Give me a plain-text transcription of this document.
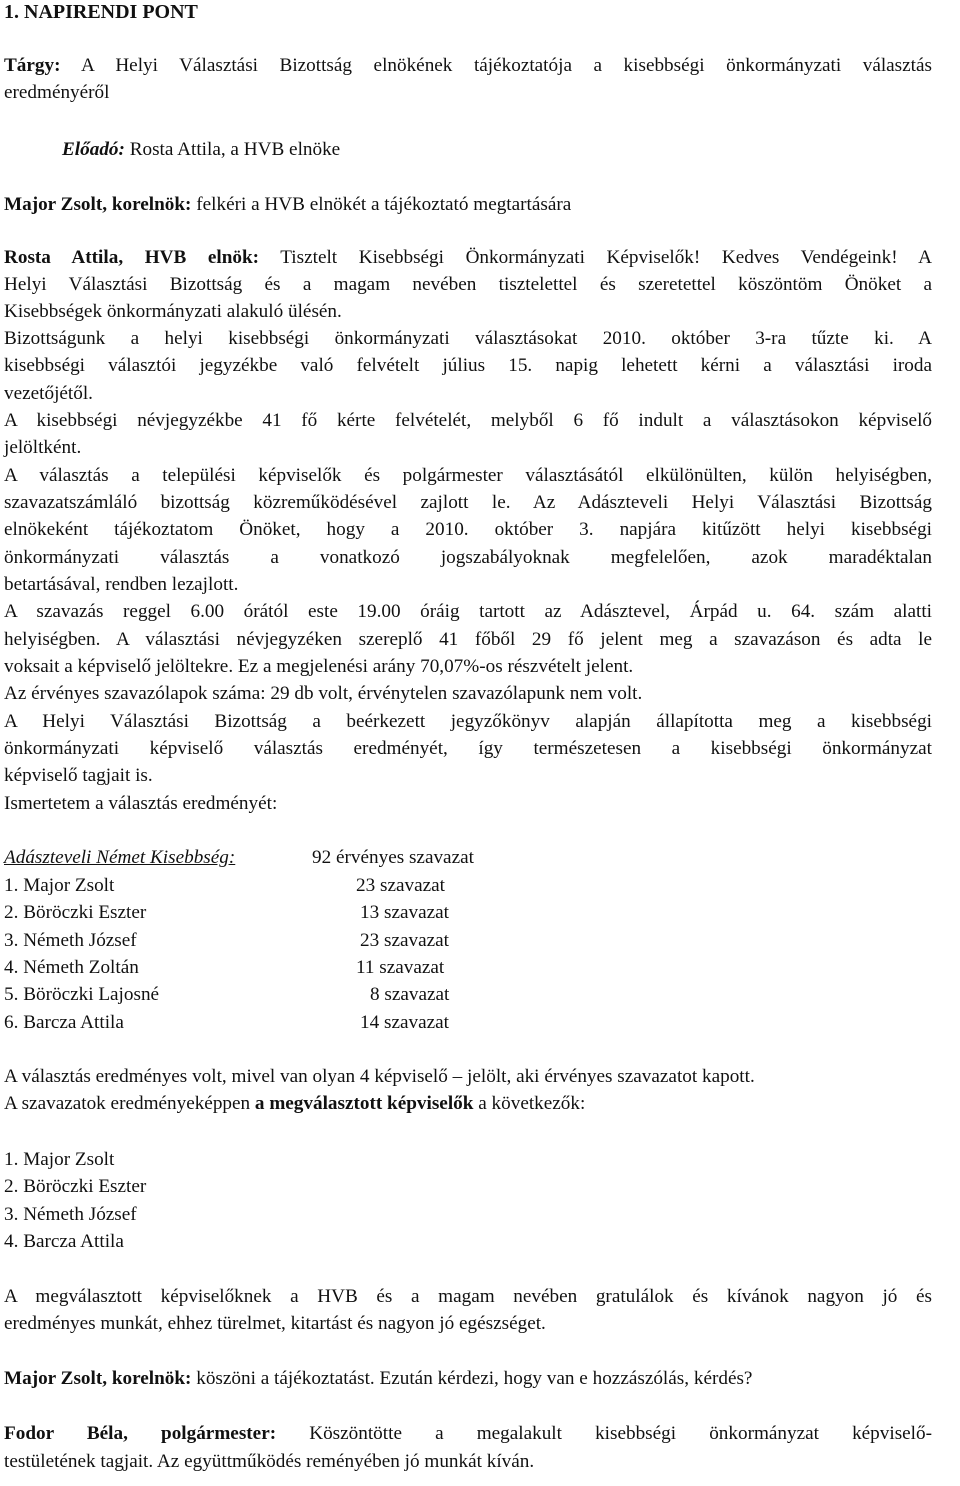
1. NAPIRENDI PONT
Tárgy: A Helyi Választási Bizottság elnökének tájékoztatója a kisebbségi önkormányzati választás
eredményéről
Előadó: Rosta Attila, a HVB elnöke
Major Zsolt, korelnök: felkéri a HVB elnökét a tájékoztató megtartására
Rosta Attila, HVB elnök: Tisztelt Kisebbségi Önkormányzati Képviselők! Kedves Vendégeink! A
Helyi Választási Bizottság és a magam nevében tisztelettel és szeretettel köszöntöm Önöket a
Kisebbségek önkormányzati alakuló ülésén.
Bizottságunk a helyi kisebbségi önkormányzati választásokat 2010. október 3-ra tűzte ki. A
kisebbségi választói jegyzékbe való felvételt július 15. napig lehetett kérni a választási iroda
vezetőjétől.
A kisebbségi névjegyzékbe 41 fő kérte felvételét, melyből 6 fő indult a választásokon képviselő
jelöltként.
A választás a települési képviselők és polgármester választásától elkülönülten, külön helyiségben,
szavazatszámláló bizottság közreműködésével zajlott le. Az Adászteveli Helyi Választási Bizottság
elnökeként tájékoztatom Önöket, hogy a 2010. október 3. napjára kitűzött helyi kisebbségi
önkormányzati választás a vonatkozó jogszabályoknak megfelelően, azok maradéktalan
betartásával, rendben lezajlott.
A szavazás reggel 6.00 órától este 19.00 óráig tartott az Adásztevel, Árpád u. 64. szám alatti
helyiségben. A választási névjegyzéken szereplő 41 főből 29 fő jelent meg a szavazáson és adta le
voksait a képviselő jelöltekre. Ez a megjelenési arány 70,07%-os részvételt jelent.
Az érvényes szavazólapok száma: 29 db volt, érvénytelen szavazólapunk nem volt.
A Helyi Választási Bizottság a beérkezett jegyzőkönyv alapján állapította meg a kisebbségi
önkormányzati képviselő választás eredményét, így természetesen a kisebbségi önkormányzat
képviselő tagjait is.
Ismertetem a választás eredményét:
Adászteveli Német Kisebbség:	92 érvényes szavazat
1. Major Zsolt	23 szavazat
2. Böröczki Eszter	13 szavazat
3. Németh József	23 szavazat
4. Németh Zoltán	11 szavazat
5. Böröczki Lajosné	8 szavazat
6. Barcza Attila	14 szavazat
A választás eredményes volt, mivel van olyan 4 képviselő – jelölt, aki érvényes szavazatot kapott.
A szavazatok eredményeképpen a megválasztott képviselők a következők:
1. Major Zsolt
2. Böröczki Eszter
3. Németh József
4. Barcza Attila
A megválasztott képviselőknek a HVB és a magam nevében gratulálok és kívánok nagyon jó és
eredményes munkát, ehhez türelmet, kitartást és nagyon jó egészséget.
Major Zsolt, korelnök: köszöni a tájékoztatást. Ezután kérdezi, hogy van e hozzászólás, kérdés?
Fodor Béla, polgármester: Köszöntötte a megalakult kisebbségi önkormányzat képviselő-
testületének tagjait. Az együttműködés reményében jó munkát kíván.
